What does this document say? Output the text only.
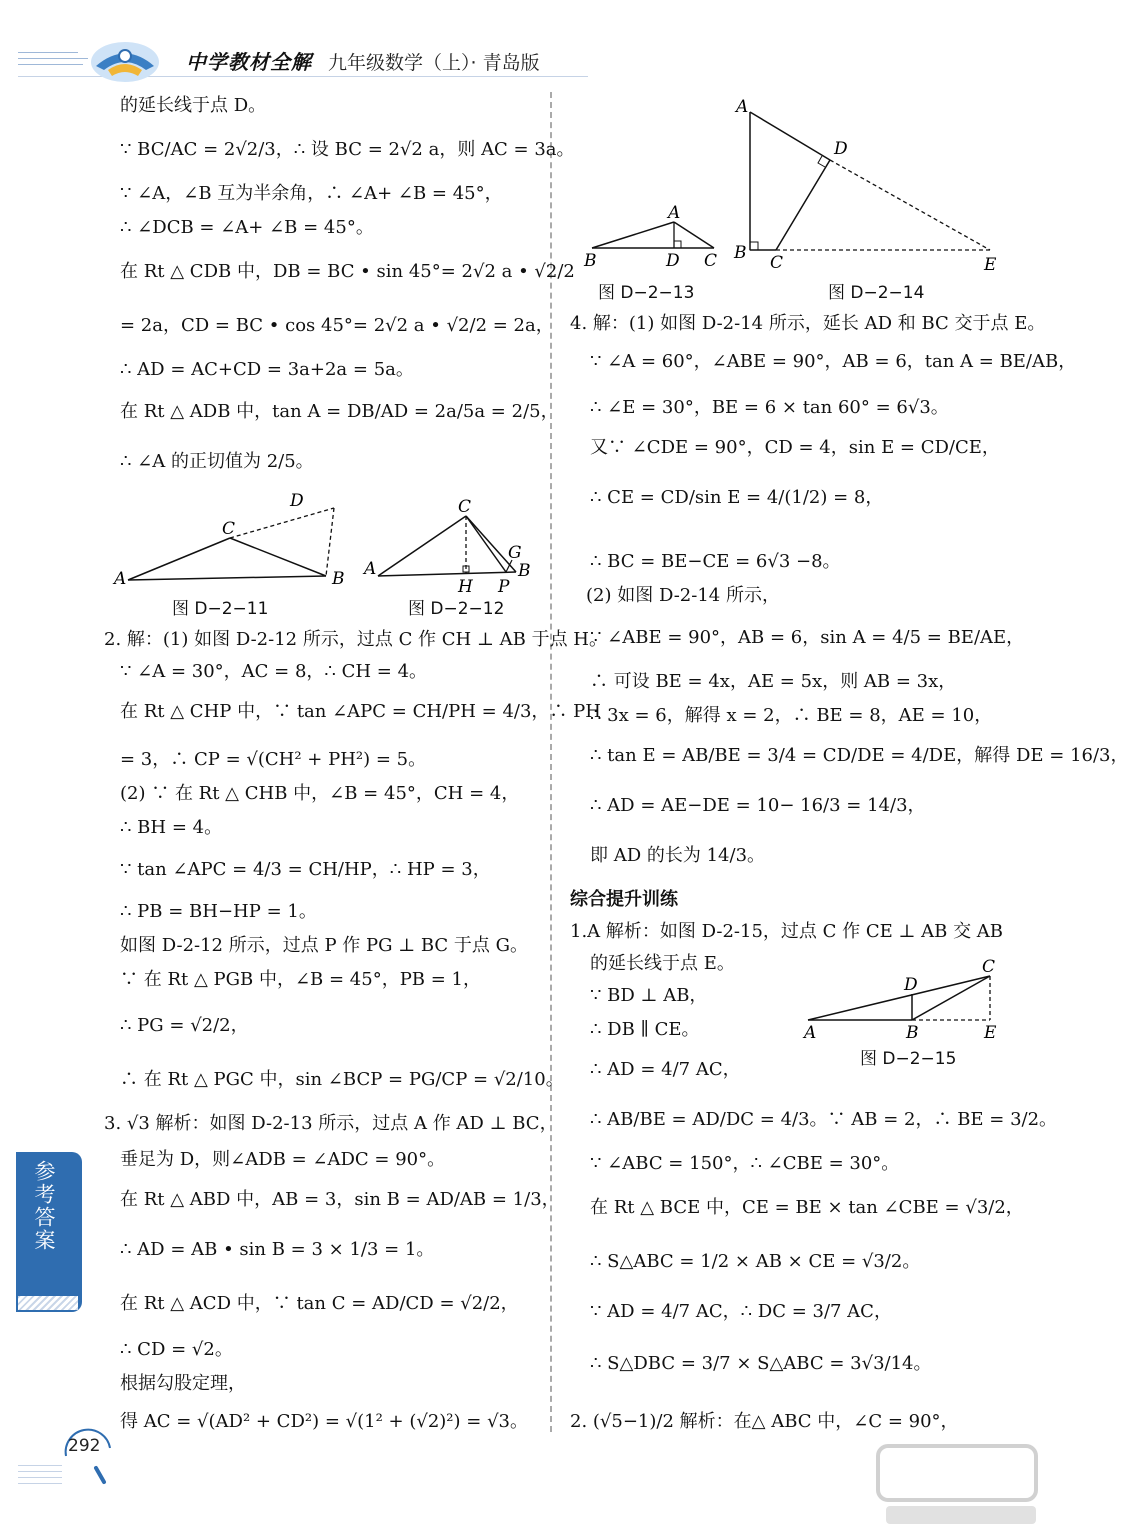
中学教材全解 九年级数学（上）· 青岛版
的延长线于点 D。
∵ BC/AC = 2√2/3，∴ 设 BC = 2√2 a，则 AC = 3a。
∵ ∠A，∠B 互为半余角，∴ ∠A+ ∠B = 45°，
∴ ∠DCB = ∠A+ ∠B = 45°。
在 Rt △ CDB 中，DB = BC • sin 45°= 2√2 a • √2/2
= 2a，CD = BC • cos 45°= 2√2 a • √2/2 = 2a，
∴ AD = AC+CD = 3a+2a = 5a。
在 Rt △ ADB 中，tan A = DB/AD = 2a/5a = 2/5，
∴ ∠A 的正切值为 2/5。
A	B
C
D
A	B
C
H P
G
图 D−2−11	图 D−2−12
2. 解：(1) 如图 D-2-12 所示，过点 C 作 CH ⊥ AB 于点 H。
∵ ∠A = 30°，AC = 8，∴ CH = 4。
在 Rt △ CHP 中，∵ tan ∠APC = CH/PH = 4/3，∴ PH
= 3，∴ CP = √(CH² + PH²) = 5。
(2) ∵ 在 Rt △ CHB 中，∠B = 45°，CH = 4，
∴ BH = 4。
∵ tan ∠APC = 4/3 = CH/HP，∴ HP = 3，
∴ PB = BH−HP = 1。
如图 D-2-12 所示，过点 P 作 PG ⊥ BC 于点 G。
∵ 在 Rt △ PGB 中，∠B = 45°，PB = 1，
∴ PG = √2/2，
∴ 在 Rt △ PGC 中，sin ∠BCP = PG/CP = √2/10。
3. √3 解析：如图 D-2-13 所示，过点 A 作 AD ⊥ BC，
垂足为 D，则∠ADB = ∠ADC = 90°。
在 Rt △ ABD 中，AB = 3，sin B = AD/AB = 1/3，
∴ AD = AB • sin B = 3 × 1/3 = 1。
在 Rt △ ACD 中，∵ tan C = AD/CD = √2/2，
∴ CD = √2。
根据勾股定理，
得 AC = √(AD² + CD²) = √(1² + (√2)²) = √3。
A
B	C
D
A
B C
D
E
图 D−2−13	图 D−2−14
4. 解：(1) 如图 D-2-14 所示，延长 AD 和 BC 交于点 E。
∵ ∠A = 60°，∠ABE = 90°，AB = 6，tan A = BE/AB，
∴ ∠E = 30°，BE = 6 × tan 60° = 6√3。
又∵ ∠CDE = 90°，CD = 4，sin E = CD/CE，
∴ CE = CD/sin E = 4/(1/2) = 8，
∴ BC = BE−CE = 6√3 −8。
(2) 如图 D-2-14 所示，
∵ ∠ABE = 90°，AB = 6，sin A = 4/5 = BE/AE，
∴ 可设 BE = 4x，AE = 5x，则 AB = 3x，
∴ 3x = 6，解得 x = 2，∴ BE = 8，AE = 10，
∴ tan E = AB/BE = 3/4 = CD/DE = 4/DE，解得 DE = 16/3，
∴ AD = AE−DE = 10− 16/3 = 14/3，
即 AD 的长为 14/3。
综合提升训练
1.A 解析：如图 D-2-15，过点 C 作 CE ⊥ AB 交 AB
的延长线于点 E。
∵ BD ⊥ AB，
∴ DB ∥ CE。	A	B
C
D
E
图 D−2−15
∴ AD = 4/7 AC，
∴ AB/BE = AD/DC = 4/3。∵ AB = 2，∴ BE = 3/2。
∵ ∠ABC = 150°，∴ ∠CBE = 30°。
在 Rt △ BCE 中，CE = BE × tan ∠CBE = √3/2，
∴ S△ABC = 1/2 × AB × CE = √3/2。
∵ AD = 4/7 AC，∴ DC = 3/7 AC，
∴ S△DBC = 3/7 × S△ABC = 3√3/14。
2. (√5−1)/2 解析：在△ ABC 中，∠C = 90°，
参考答案
292
